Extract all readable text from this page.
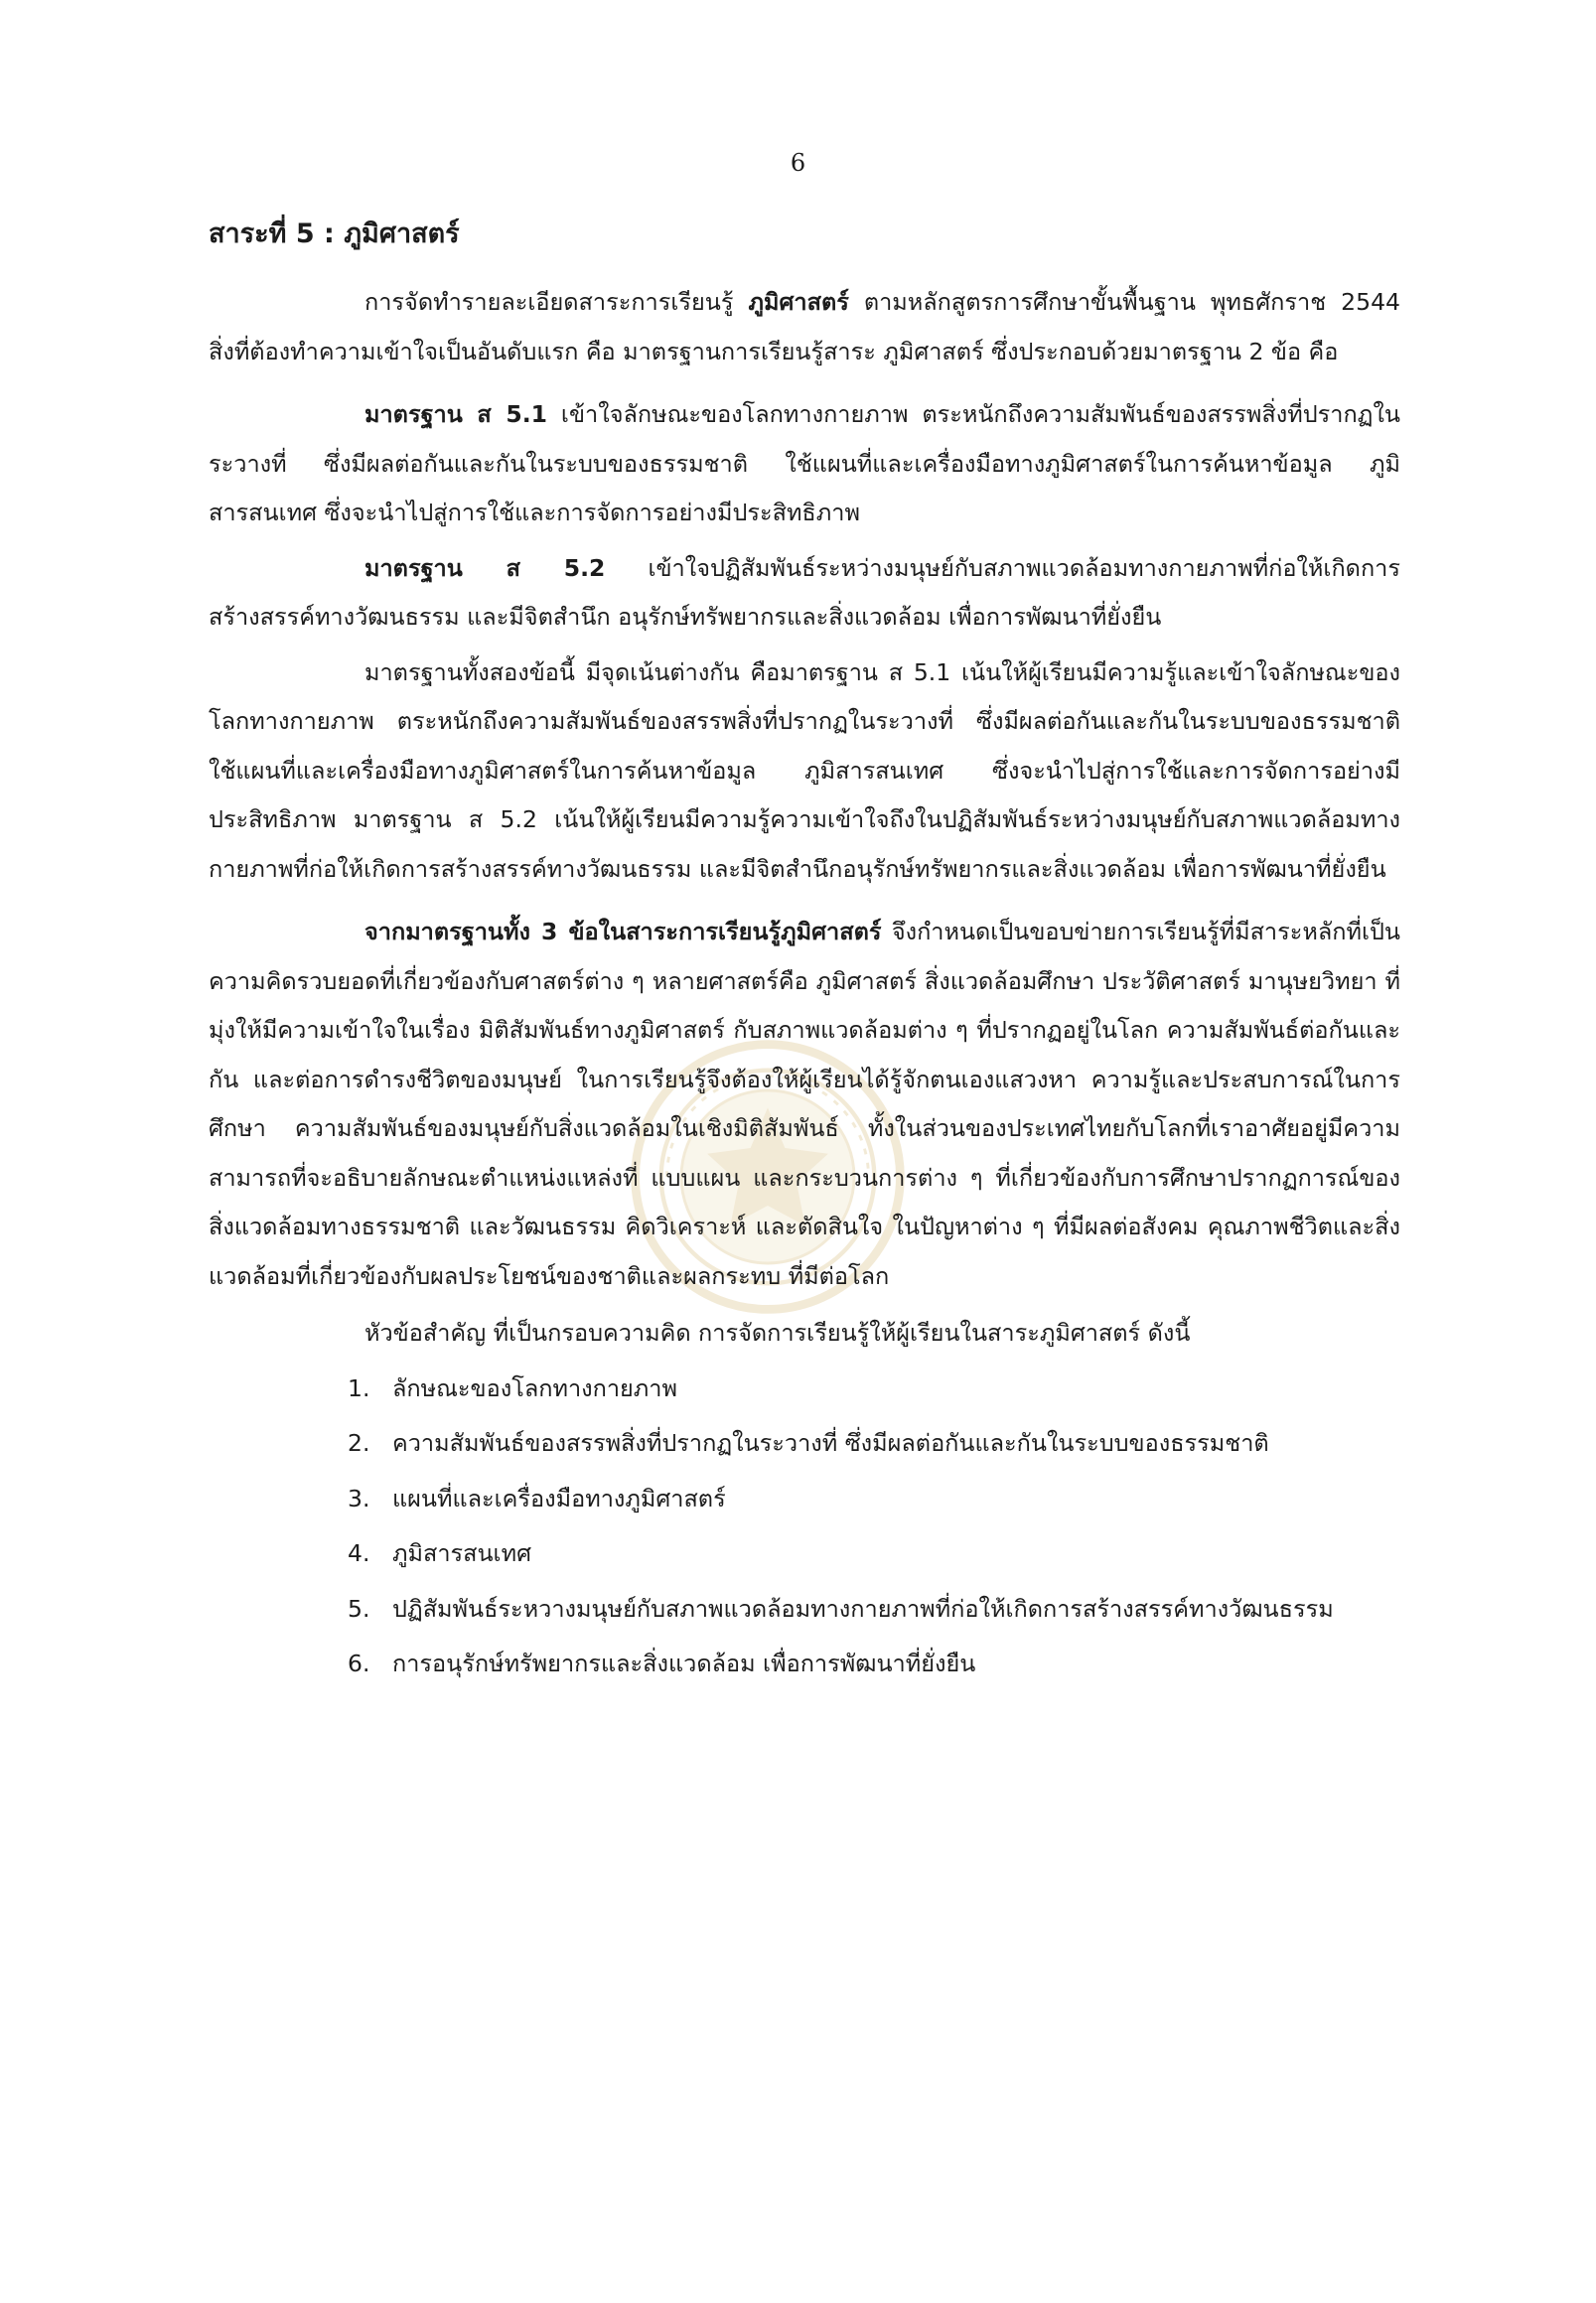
6
สาระที่ 5 : ภูมิศาสตร์

การจัดทำรายละเอียดสาระการเรียนรู้ ภูมิศาสตร์ ตามหลักสูตรการศึกษาขั้นพื้นฐาน พุทธศักราช 2544 สิ่งที่ต้องทำความเข้าใจเป็นอันดับแรก คือ มาตรฐานการเรียนรู้สาระ ภูมิศาสตร์ ซึ่งประกอบด้วยมาตรฐาน 2 ข้อ คือ

มาตรฐาน ส 5.1 เข้าใจลักษณะของโลกทางกายภาพ ตระหนักถึงความสัมพันธ์ของสรรพสิ่งที่ปรากฏในระวางที่ ซึ่งมีผลต่อกันและกันในระบบของธรรมชาติ ใช้แผนที่และเครื่องมือทางภูมิศาสตร์ในการค้นหาข้อมูล ภูมิสารสนเทศ ซึ่งจะนำไปสู่การใช้และการจัดการอย่างมีประสิทธิภาพ

มาตรฐาน ส 5.2 เข้าใจปฏิสัมพันธ์ระหว่างมนุษย์กับสภาพแวดล้อมทางกายภาพที่ก่อให้เกิดการสร้างสรรค์ทางวัฒนธรรม และมีจิตสำนึก อนุรักษ์ทรัพยากรและสิ่งแวดล้อม เพื่อการพัฒนาที่ยั่งยืน

มาตรฐานทั้งสองข้อนี้ มีจุดเน้นต่างกัน คือมาตรฐาน ส 5.1 เน้นให้ผู้เรียนมีความรู้และเข้าใจลักษณะของโลกทางกายภาพ ตระหนักถึงความสัมพันธ์ของสรรพสิ่งที่ปรากฏในระวางที่ ซึ่งมีผลต่อกันและกันในระบบของธรรมชาติ ใช้แผนที่และเครื่องมือทางภูมิศาสตร์ในการค้นหาข้อมูล ภูมิสารสนเทศ ซึ่งจะนำไปสู่การใช้และการจัดการอย่างมีประสิทธิภาพ มาตรฐาน ส 5.2 เน้นให้ผู้เรียนมีความรู้ความเข้าใจถึงในปฏิสัมพันธ์ระหว่างมนุษย์กับสภาพแวดล้อมทางกายภาพที่ก่อให้เกิดการสร้างสรรค์ทางวัฒนธรรม และมีจิตสำนึกอนุรักษ์ทรัพยากรและสิ่งแวดล้อม เพื่อการพัฒนาที่ยั่งยืน

จากมาตรฐานทั้ง 3 ข้อในสาระการเรียนรู้ภูมิศาสตร์ จึงกำหนดเป็นขอบข่ายการเรียนรู้ที่มีสาระหลักที่เป็นความคิดรวบยอดที่เกี่ยวข้องกับศาสตร์ต่าง ๆ หลายศาสตร์คือ ภูมิศาสตร์ สิ่งแวดล้อมศึกษา ประวัติศาสตร์ มานุษยวิทยา ที่มุ่งให้มีความเข้าใจในเรื่อง มิติสัมพันธ์ทางภูมิศาสตร์ กับสภาพแวดล้อมต่าง ๆ ที่ปรากฏอยู่ในโลก ความสัมพันธ์ต่อกันและกัน และต่อการดำรงชีวิตของมนุษย์ ในการเรียนรู้จึงต้องให้ผู้เรียนได้รู้จักตนเองแสวงหา ความรู้และประสบการณ์ในการศึกษา ความสัมพันธ์ของมนุษย์กับสิ่งแวดล้อมในเชิงมิติสัมพันธ์ ทั้งในส่วนของประเทศไทยกับโลกที่เราอาศัยอยู่มีความสามารถที่จะอธิบายลักษณะตำแหน่งแหล่งที่ แบบแผน และกระบวนการต่าง ๆ ที่เกี่ยวข้องกับการศึกษาปรากฏการณ์ของสิ่งแวดล้อมทางธรรมชาติ และวัฒนธรรม คิดวิเคราะห์ และตัดสินใจ ในปัญหาต่าง ๆ ที่มีผลต่อสังคม คุณภาพชีวิตและสิ่งแวดล้อมที่เกี่ยวข้องกับผลประโยชน์ของชาติและผลกระทบ ที่มีต่อโลก

หัวข้อสำคัญ ที่เป็นกรอบความคิด การจัดการเรียนรู้ให้ผู้เรียนในสาระภูมิศาสตร์ ดังนี้

1. ลักษณะของโลกทางกายภาพ
2. ความสัมพันธ์ของสรรพสิ่งที่ปรากฏในระวางที่ ซึ่งมีผลต่อกันและกันในระบบของธรรมชาติ
3. แผนที่และเครื่องมือทางภูมิศาสตร์
4. ภูมิสารสนเทศ
5. ปฏิสัมพันธ์ระหวางมนุษย์กับสภาพแวดล้อมทางกายภาพที่ก่อให้เกิดการสร้างสรรค์ทางวัฒนธรรม
6. การอนุรักษ์ทรัพยากรและสิ่งแวดล้อม เพื่อการพัฒนาที่ยั่งยืน
